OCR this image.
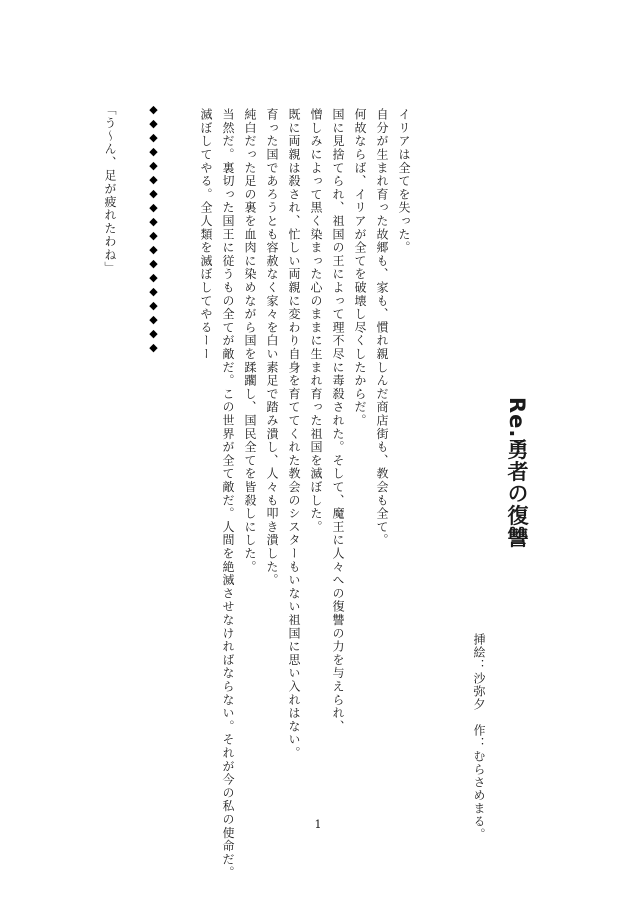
Re.勇者の復讐
挿絵：沙弥夕　作：むらさめまる。
イリアは全てを失った。
自分が生まれ育った故郷も、家も、慣れ親しんだ商店街も、教会も全て。
何故ならば、イリアが全てを破壊し尽くしたからだ。
国に見捨てられ、祖国の王によって理不尽に毒殺された。そして、魔王に人々への復讐の力を与えられ、
憎しみによって黒く染まった心のままに生まれ育った祖国を滅ぼした。
既に両親は殺され、忙しい両親に変わり自身を育ててくれた教会のシスターもいない祖国に思い入れはない。
育った国であろうとも容赦なく家々を白い素足で踏み潰し、人々も叩き潰した。
純白だった足の裏を血肉に染めながら国を蹂躙し、国民全てを皆殺しにした。
当然だ。裏切った国王に従うもの全てが敵だ。この世界が全て敵だ。人間を絶滅させなければならない。それが今の私の使命だ。
滅ぼしてやる。全人類を滅ぼしてやるーー
◆◆◆◆◆◆◆◆◆◆◆◆◆◆◆◆◆◆
「う〜ん、足が疲れたわね」
1
